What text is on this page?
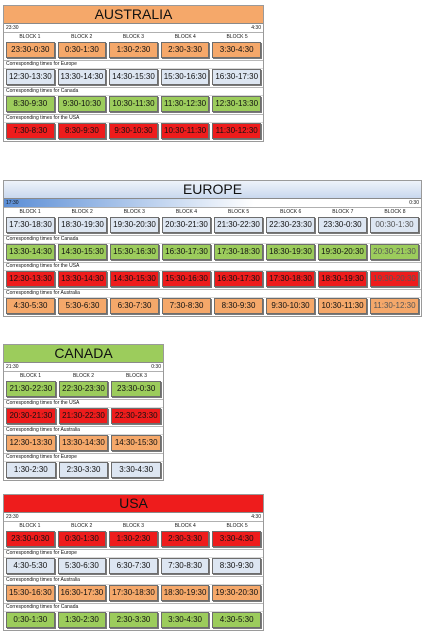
AUSTRALIA
23:30	4:30
BLOCK 1	BLOCK 2	BLOCK 3	BLOCK 4	BLOCK 5
23:30-0:30	0:30-1:30	1:30-2:30	2:30-3:30	3:30-4:30
Corresponding times for Europe
12:30-13:30	13:30-14:30	14:30-15:30	15:30-16:30	16:30-17:30
Corresponding times for Canada
8:30-9:30	9:30-10:30	10:30-11:30	11:30-12:30	12:30-13:30
Corresponding times for the USA
7:30-8:30	8:30-9:30	9:30-10:30	10:30-11:30	11:30-12:30
EUROPE
17:30	0:30
BLOCK 1	BLOCK 2	BLOCK 3	BLOCK 4	BLOCK 5	BLOCK 6	BLOCK 7	BLOCK 8
17:30-18:30	18:30-19:30	19:30-20:30	20:30-21:30	21:30-22:30	22:30-23:30	23:30-0:30	00:30-1:30
Corresponding times for Canada
13:30-14:30	14:30-15:30	15:30-16:30	16:30-17:30	17:30-18:30	18:30-19:30	19:30-20:30	20:30-21:30
Corresponding times for the USA
12:30-13:30	13:30-14:30	14:30-15:30	15:30-16:30	16:30-17:30	17:30-18:30	18:30-19:30	19:30-20:30
Corresponding times for Australia
4:30-5:30	5:30-6:30	6:30-7:30	7:30-8:30	8:30-9:30	9:30-10:30	10:30-11:30	11:30-12:30
CANADA
21:30	0:30
BLOCK 1	BLOCK 2	BLOCK 3
21:30-22:30	22:30-23:30	23:30-0:30
Corresponding times for the USA
20:30-21:30	21:30-22:30	22:30-23:30
Corresponding times for Australia
12:30-13:30	13:30-14:30	14:30-15:30
Corresponding times for Europe
1:30-2:30	2:30-3:30	3:30-4:30
USA
23:30	4:30
BLOCK 1	BLOCK 2	BLOCK 3	BLOCK 4	BLOCK 5
23:30-0:30	0:30-1:30	1:30-2:30	2:30-3:30	3:30-4:30
Corresponding times for Europe
4:30-5:30	5:30-6:30	6:30-7:30	7:30-8:30	8:30-9:30
Corresponding times for Australia
15:30-16:30	16:30-17:30	17:30-18:30	18:30-19:30	19:30-20:30
Corresponding times for Canada
0:30-1:30	1:30-2:30	2:30-3:30	3:30-4:30	4:30-5:30
